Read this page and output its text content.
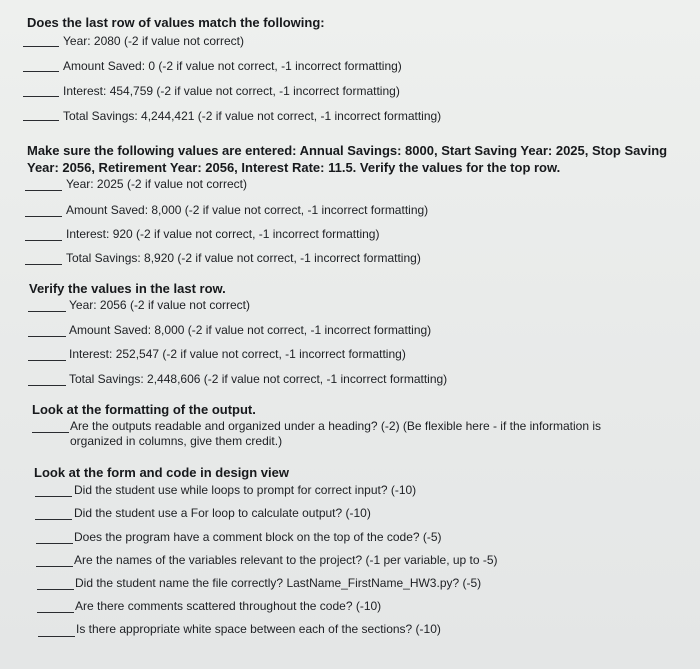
Does the last row of values match the following:
Year: 2080 (-2 if value not correct)
Amount Saved: 0 (-2 if value not correct, -1 incorrect formatting)
Interest: 454,759 (-2 if value not correct, -1 incorrect formatting)
Total Savings: 4,244,421 (-2 if value not correct, -1 incorrect formatting)
Make sure the following values are entered: Annual Savings: 8000, Start Saving Year: 2025, Stop Saving Year: 2056, Retirement Year: 2056, Interest Rate: 11.5. Verify the values for the top row.
Year: 2025 (-2 if value not correct)
Amount Saved: 8,000 (-2 if value not correct, -1 incorrect formatting)
Interest: 920 (-2 if value not correct, -1 incorrect formatting)
Total Savings: 8,920 (-2 if value not correct, -1 incorrect formatting)
Verify the values in the last row.
Year: 2056 (-2 if value not correct)
Amount Saved: 8,000 (-2 if value not correct, -1 incorrect formatting)
Interest: 252,547 (-2 if value not correct, -1 incorrect formatting)
Total Savings: 2,448,606 (-2 if value not correct, -1 incorrect formatting)
Look at the formatting of the output.
Are the outputs readable and organized under a heading? (-2) (Be flexible here - if the information is organized in columns, give them credit.)
Look at the form and code in design view
Did the student use while loops to prompt for correct input? (-10)
Did the student use a For loop to calculate output? (-10)
Does the program have a comment block on the top of the code? (-5)
Are the names of the variables relevant to the project? (-1 per variable, up to -5)
Did the student name the file correctly? LastName_FirstName_HW3.py? (-5)
Are there comments scattered throughout the code? (-10)
Is there appropriate white space between each of the sections? (-10)
